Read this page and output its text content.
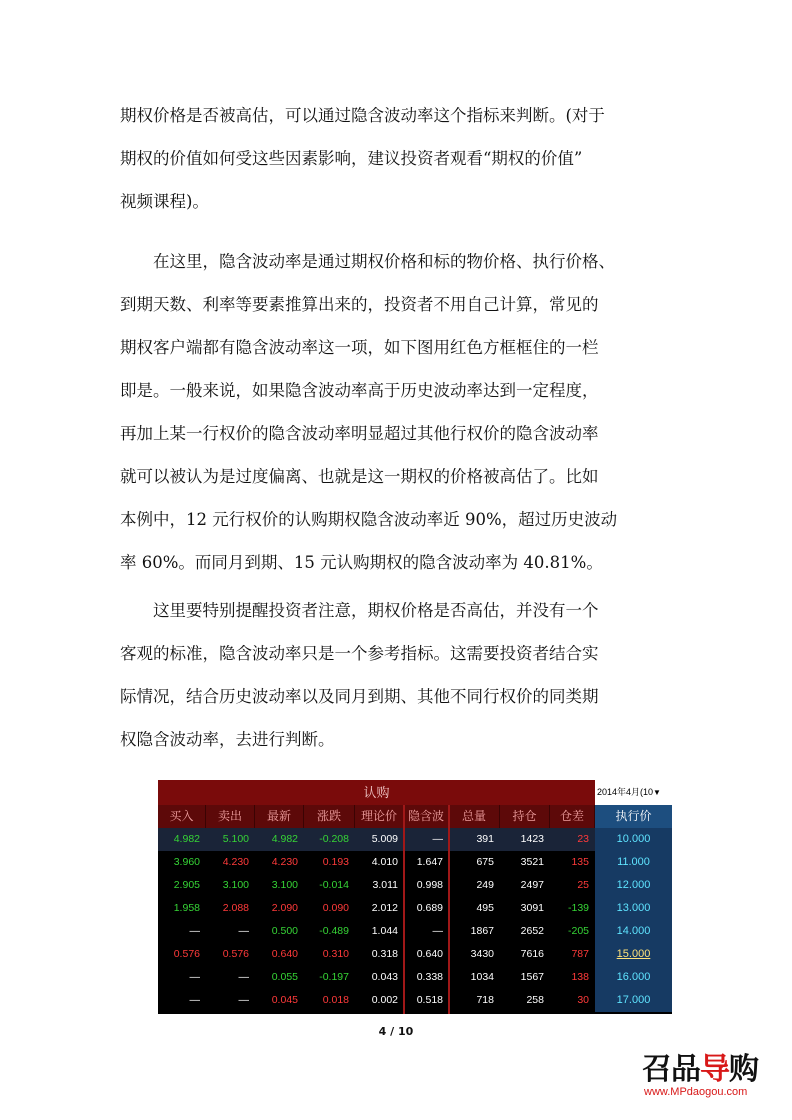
期权价格是否被高估，可以通过隐含波动率这个指标来判断。(对于
期权的价值如何受这些因素影响，建议投资者观看“期权的价值”
视频课程)。
　　在这里，隐含波动率是通过期权价格和标的物价格、执行价格、
到期天数、利率等要素推算出来的，投资者不用自己计算，常见的
期权客户端都有隐含波动率这一项，如下图用红色方框框住的一栏
即是。一般来说，如果隐含波动率高于历史波动率达到一定程度，
再加上某一行权价的隐含波动率明显超过其他行权价的隐含波动率
就可以被认为是过度偏离、也就是这一期权的价格被高估了。比如
本例中，12 元行权价的认购期权隐含波动率近 90%，超过历史波动
率 60%。而同月到期、15 元认购期权的隐含波动率为 40.81%。
　　这里要特别提醒投资者注意，期权价格是否高估，并没有一个
客观的标准，隐含波动率只是一个参考指标。这需要投资者结合实
际情况，结合历史波动率以及同月到期、其他不同行权价的同类期
权隐含波动率，去进行判断。
认购	2014年4月(10▼
买入	卖出	最新	涨跌	理论价 隐含波	总量	持仓	仓差	执行价
4.982	5.100	4.982	-0.208	5.009	—	391	1423	23	10.000
3.960	4.230	4.230	0.193	4.010	1.647	675	3521	135	11.000
2.905	3.100	3.100	-0.014	3.011	0.998	249	2497	25	12.000
1.958	2.088	2.090	0.090	2.012	0.689	495	3091	-139	13.000
—	—	0.500	-0.489	1.044	—	1867	2652	-205	14.000
0.576	0.576	0.640	0.310	0.318	0.640	3430	7616	787	15.000
—	—	0.055	-0.197	0.043	0.338	1034	1567	138	16.000
—	—	0.045	0.018	0.002	0.518	718	258	30	17.000
4 / 10
召品导购
www.MPdaogou.com
